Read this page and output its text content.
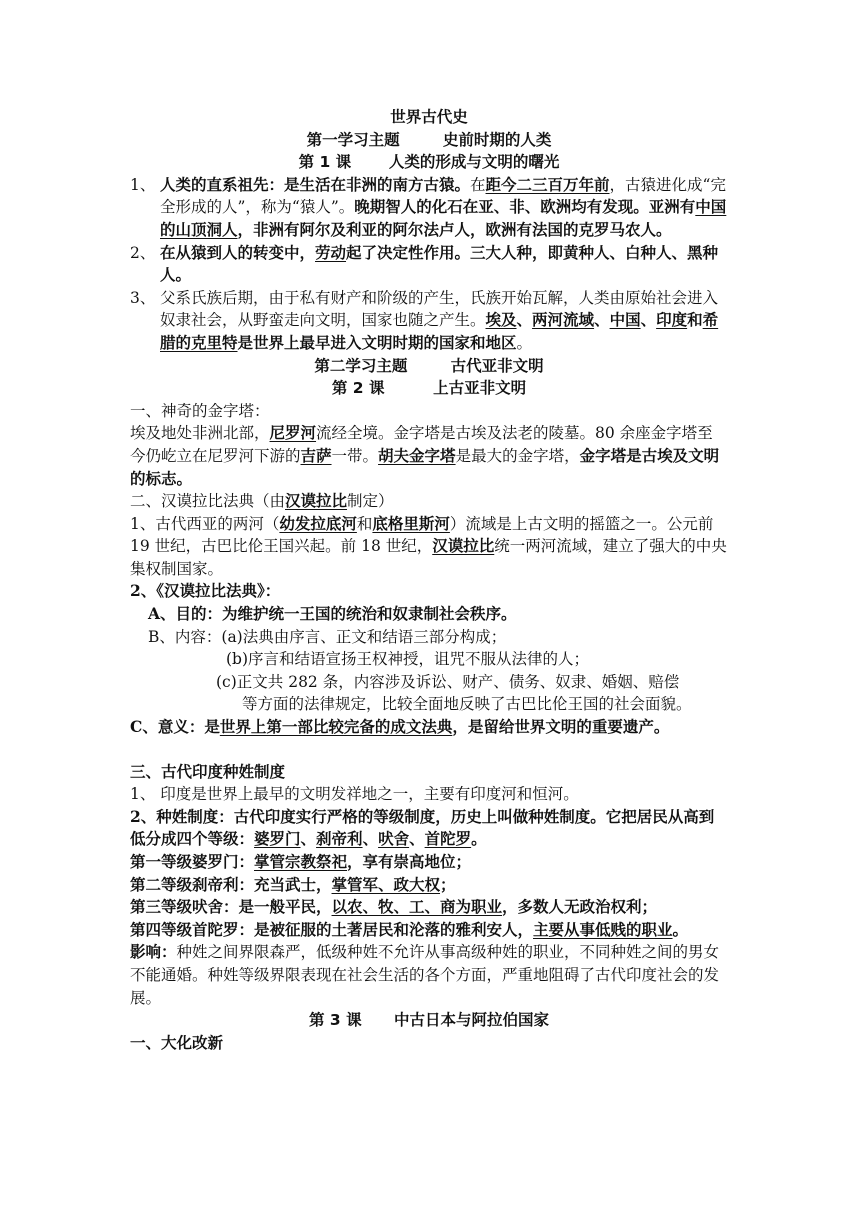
世界古代史
第一学习主题	史前时期的人类
第 1 课 人类的形成与文明的曙光
1、 人类的直系祖先：是生活在非洲的南方古猿。在距今二三百万年前，古猿进化成“完全形成的人”，称为“猿人”。晚期智人的化石在亚、非、欧洲均有发现。亚洲有中国的山顶洞人，非洲有阿尔及利亚的阿尔法卢人，欧洲有法国的克罗马农人。
2、 在从猿到人的转变中，劳动起了决定性作用。三大人种，即黄种人、白种人、黑种人。
3、 父系氏族后期，由于私有财产和阶级的产生，氏族开始瓦解，人类由原始社会进入奴隶社会，从野蛮走向文明，国家也随之产生。埃及、两河流域、中国、印度和希腊的克里特是世界上最早进入文明时期的国家和地区。
第二学习主题	古代亚非文明
第 2 课	上古亚非文明
一、神奇的金字塔：
埃及地处非洲北部，尼罗河流经全境。金字塔是古埃及法老的陵墓。80 余座金字塔至今仍屹立在尼罗河下游的吉萨一带。胡夫金字塔是最大的金字塔，金字塔是古埃及文明的标志。
二、汉谟拉比法典（由汉谟拉比制定）
1、古代西亚的两河（幼发拉底河和底格里斯河）流域是上古文明的摇篮之一。公元前 19 世纪，古巴比伦王国兴起。前 18 世纪，汉谟拉比统一两河流域，建立了强大的中央集权制国家。
2、《汉谟拉比法典》：
A、目的：为维护统一王国的统治和奴隶制社会秩序。
B、内容：(a)法典由序言、正文和结语三部分构成；
(b)序言和结语宣扬王权神授，诅咒不服从法律的人；
(c)正文共 282 条，内容涉及诉讼、财产、债务、奴隶、婚姻、赔偿
等方面的法律规定，比较全面地反映了古巴比伦王国的社会面貌。
C、意义：是世界上第一部比较完备的成文法典，是留给世界文明的重要遗产。
三、古代印度种姓制度
1、 印度是世界上最早的文明发祥地之一，主要有印度河和恒河。
2、种姓制度：古代印度实行严格的等级制度，历史上叫做种姓制度。它把居民从高到低分成四个等级：婆罗门、刹帝利、吠舍、首陀罗。
第一等级婆罗门：掌管宗教祭祀，享有崇高地位；
第二等级刹帝利：充当武士，掌管军、政大权；
第三等级吠舍：是一般平民，以农、牧、工、商为职业，多数人无政治权利；
第四等级首陀罗：是被征服的土著居民和沦落的雅利安人，主要从事低贱的职业。
影响：种姓之间界限森严，低级种姓不允许从事高级种姓的职业，不同种姓之间的男女不能通婚。种姓等级界限表现在社会生活的各个方面，严重地阻碍了古代印度社会的发展。
第 3 课 中古日本与阿拉伯国家
一、大化改新
